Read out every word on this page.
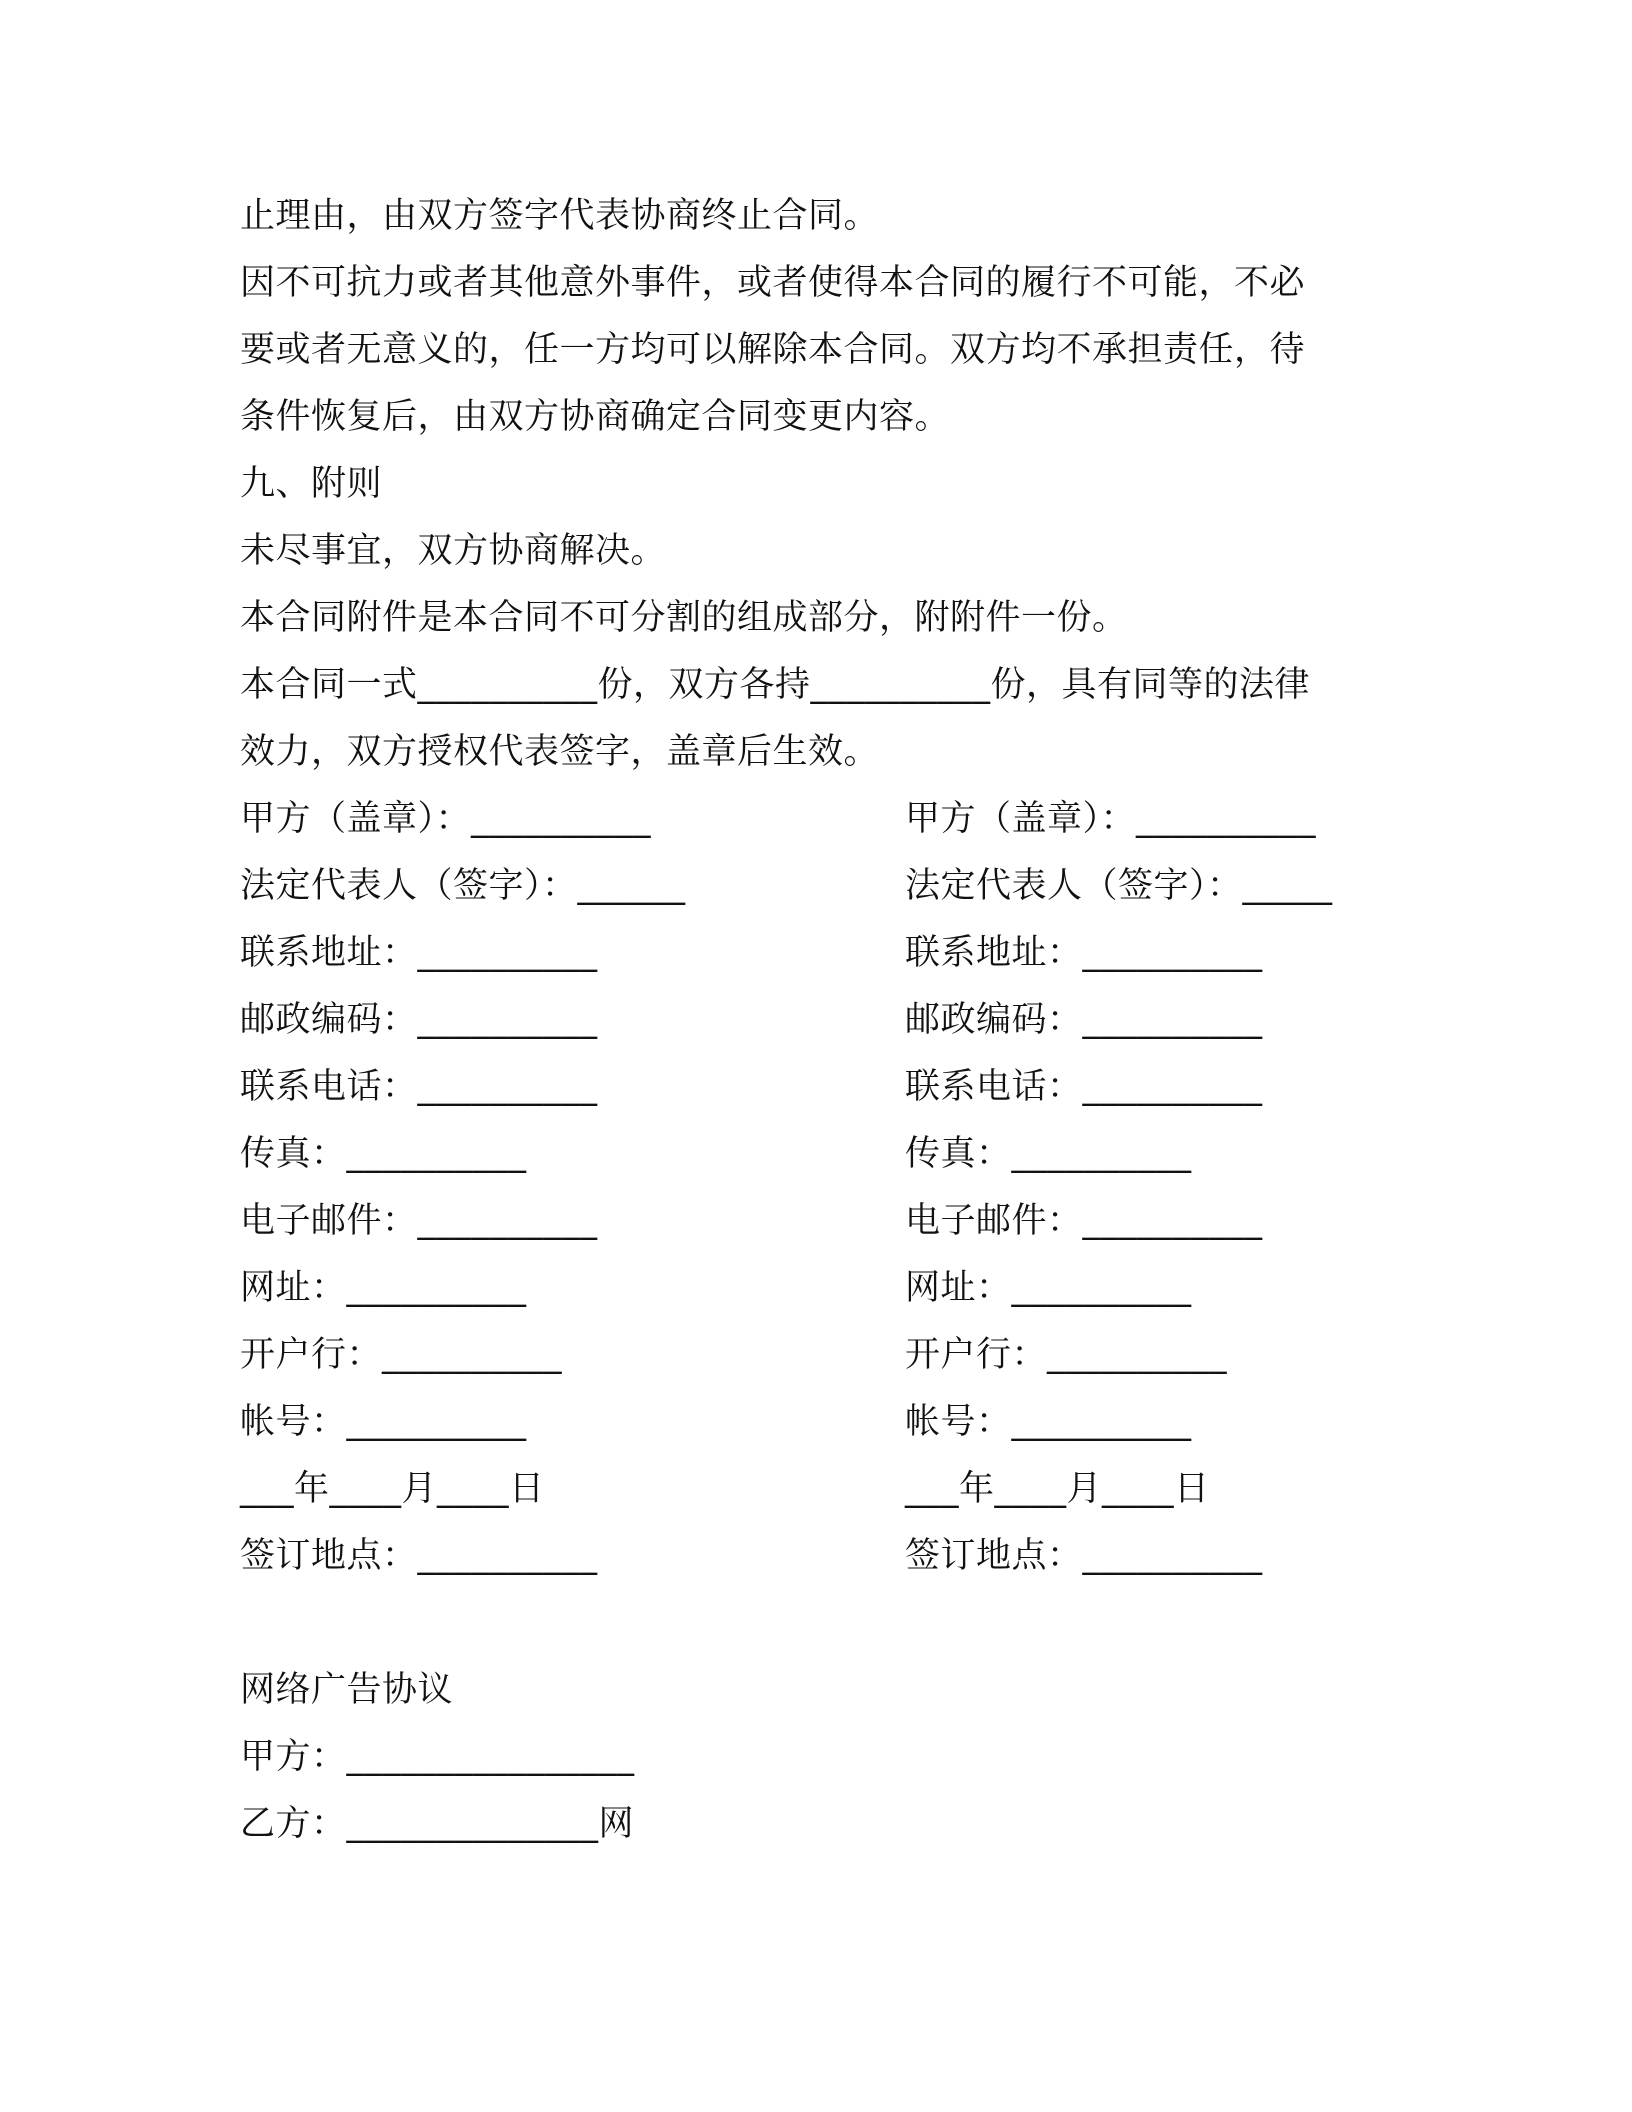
止理由，由双方签字代表协商终止合同。
因不可抗力或者其他意外事件，或者使得本合同的履行不可能，不必
要或者无意义的，任一方均可以解除本合同。双方均不承担责任，待
条件恢复后，由双方协商确定合同变更内容。
九、附则
未尽事宜，双方协商解决。
本合同附件是本合同不可分割的组成部分，附附件一份。
本合同一式__________份，双方各持__________份，具有同等的法律
效力，双方授权代表签字，盖章后生效。
甲方（盖章）：__________
法定代表人（签字）：______
联系地址：__________
邮政编码：__________
联系电话：__________
传真：__________
电子邮件：__________
网址：__________
开户行：__________
帐号：__________
___年____月____日
签订地点：__________
甲方（盖章）：__________
法定代表人（签字）：_____
联系地址：__________
邮政编码：__________
联系电话：__________
传真：__________
电子邮件：__________
网址：__________
开户行：__________
帐号：__________
___年____月____日
签订地点：__________
网络广告协议
甲方：________________
乙方：______________网
